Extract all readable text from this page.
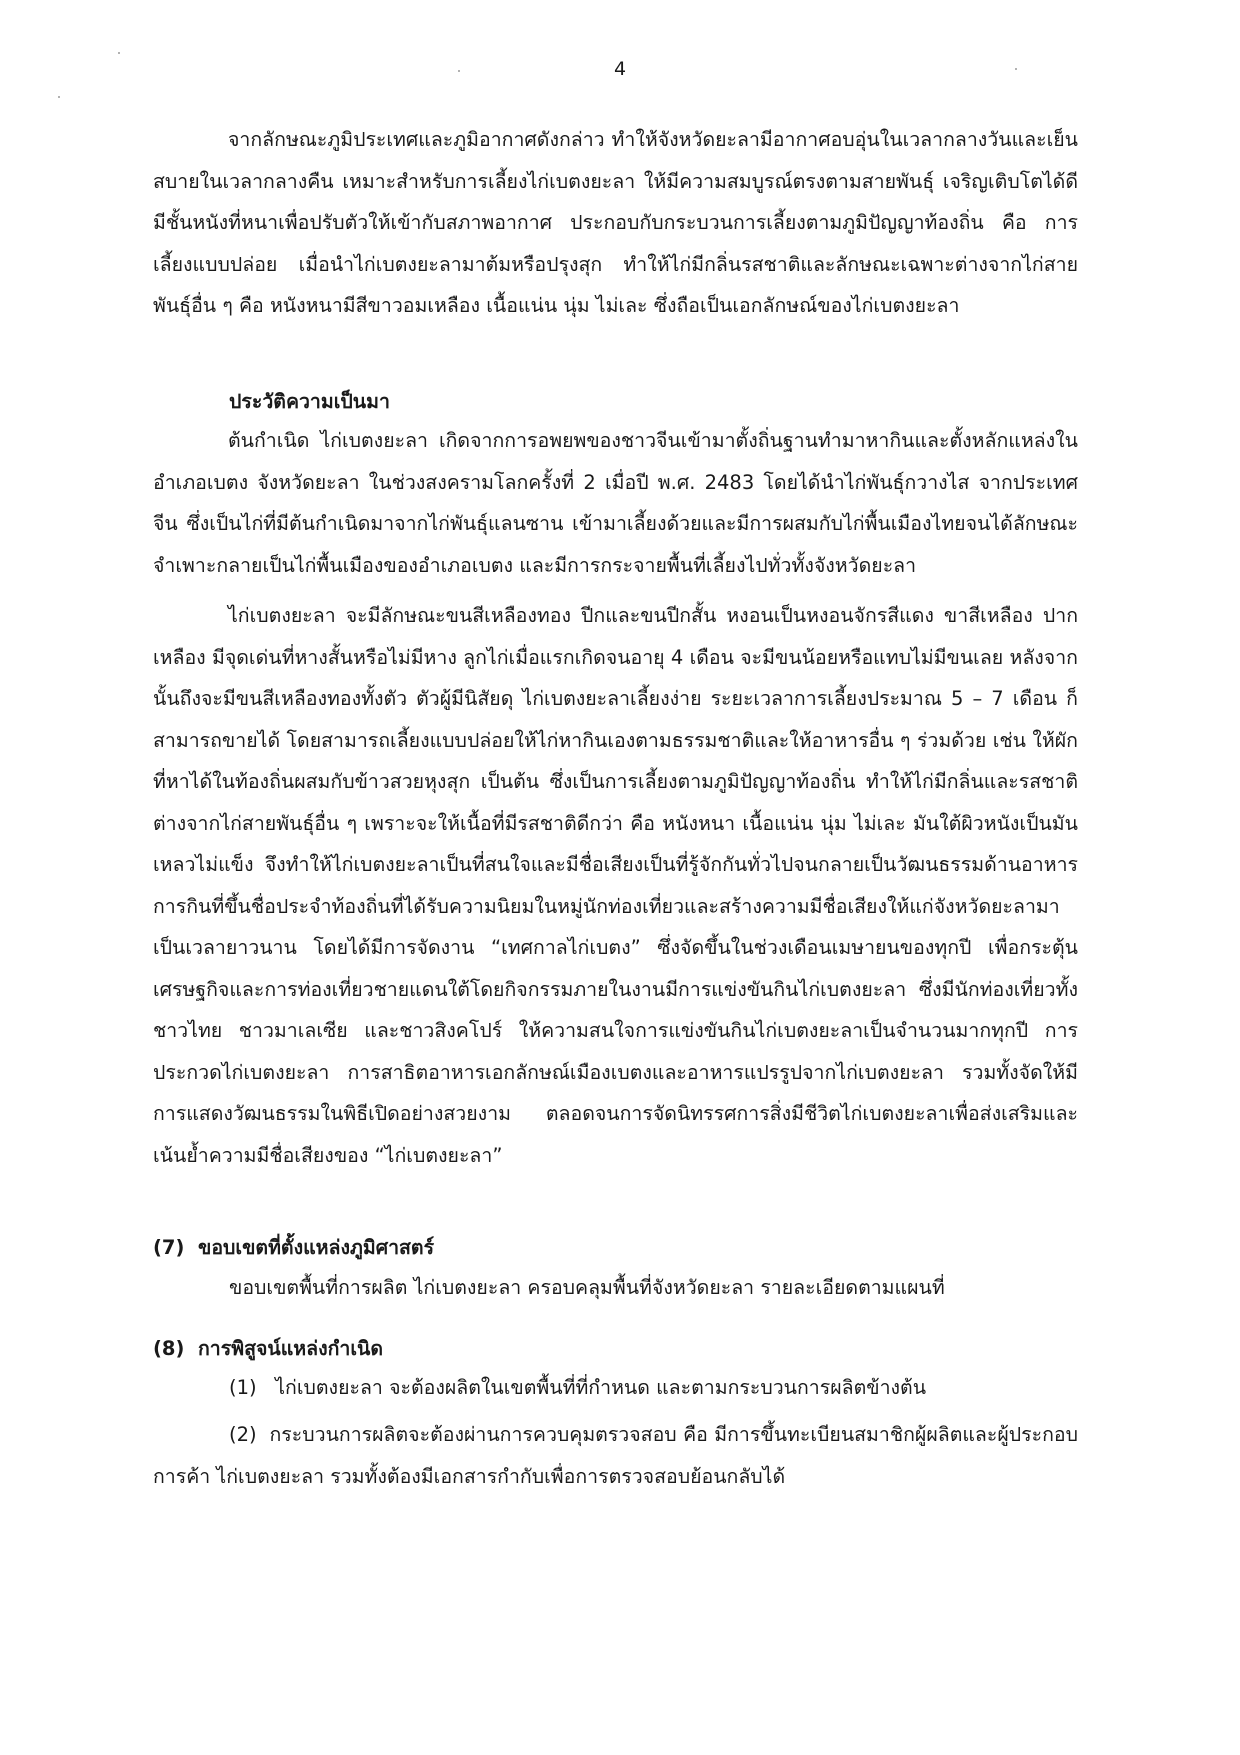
4

จากลักษณะภูมิประเทศและภูมิอากาศดังกล่าว ทำให้จังหวัดยะลามีอากาศอบอุ่นในเวลากลางวันและเย็นสบายในเวลากลางคืน เหมาะสำหรับการเลี้ยงไก่เบตงยะลา ให้มีความสมบูรณ์ตรงตามสายพันธุ์ เจริญเติบโตได้ดี มีชั้นหนังที่หนาเพื่อปรับตัวให้เข้ากับสภาพอากาศ ประกอบกับกระบวนการเลี้ยงตามภูมิปัญญาท้องถิ่น คือ การเลี้ยงแบบปล่อย เมื่อนำไก่เบตงยะลามาต้มหรือปรุงสุก ทำให้ไก่มีกลิ่นรสชาติและลักษณะเฉพาะต่างจากไก่สายพันธุ์อื่น ๆ คือ หนังหนามีสีขาวอมเหลือง เนื้อแน่น นุ่ม ไม่เละ ซึ่งถือเป็นเอกลักษณ์ของไก่เบตงยะลา

ประวัติความเป็นมา

ต้นกำเนิด ไก่เบตงยะลา เกิดจากการอพยพของชาวจีนเข้ามาตั้งถิ่นฐานทำมาหากินและตั้งหลักแหล่งในอำเภอเบตง จังหวัดยะลา ในช่วงสงครามโลกครั้งที่ 2 เมื่อปี พ.ศ. 2483 โดยได้นำไก่พันธุ์กวางไส จากประเทศจีน ซึ่งเป็นไก่ที่มีต้นกำเนิดมาจากไก่พันธุ์แลนซาน เข้ามาเลี้ยงด้วยและมีการผสมกับไก่พื้นเมืองไทยจนได้ลักษณะจำเพาะกลายเป็นไก่พื้นเมืองของอำเภอเบตง และมีการกระจายพื้นที่เลี้ยงไปทั่วทั้งจังหวัดยะลา

ไก่เบตงยะลา จะมีลักษณะขนสีเหลืองทอง ปีกและขนปีกสั้น หงอนเป็นหงอนจักรสีแดง ขาสีเหลือง ปากเหลือง มีจุดเด่นที่หางสั้นหรือไม่มีหาง ลูกไก่เมื่อแรกเกิดจนอายุ 4 เดือน จะมีขนน้อยหรือแทบไม่มีขนเลย หลังจากนั้นถึงจะมีขนสีเหลืองทองทั้งตัว ตัวผู้มีนิสัยดุ ไก่เบตงยะลาเลี้ยงง่าย ระยะเวลาการเลี้ยงประมาณ 5 – 7 เดือน ก็สามารถขายได้ โดยสามารถเลี้ยงแบบปล่อยให้ไก่หากินเองตามธรรมชาติและให้อาหารอื่น ๆ ร่วมด้วย เช่น ให้ผักที่หาได้ในท้องถิ่นผสมกับข้าวสวยหุงสุก เป็นต้น ซึ่งเป็นการเลี้ยงตามภูมิปัญญาท้องถิ่น ทำให้ไก่มีกลิ่นและรสชาติต่างจากไก่สายพันธุ์อื่น ๆ เพราะจะให้เนื้อที่มีรสชาติดีกว่า คือ หนังหนา เนื้อแน่น นุ่ม ไม่เละ มันใต้ผิวหนังเป็นมันเหลวไม่แข็ง จึงทำให้ไก่เบตงยะลาเป็นที่สนใจและมีชื่อเสียงเป็นที่รู้จักกันทั่วไปจนกลายเป็นวัฒนธรรมด้านอาหารการกินที่ขึ้นชื่อประจำท้องถิ่นที่ได้รับความนิยมในหมู่นักท่องเที่ยวและสร้างความมีชื่อเสียงให้แก่จังหวัดยะลามาเป็นเวลายาวนาน โดยได้มีการจัดงาน “เทศกาลไก่เบตง” ซึ่งจัดขึ้นในช่วงเดือนเมษายนของทุกปี เพื่อกระตุ้นเศรษฐกิจและการท่องเที่ยวชายแดนใต้โดยกิจกรรมภายในงานมีการแข่งขันกินไก่เบตงยะลา ซึ่งมีนักท่องเที่ยวทั้งชาวไทย ชาวมาเลเซีย และชาวสิงคโปร์ ให้ความสนใจการแข่งขันกินไก่เบตงยะลาเป็นจำนวนมากทุกปี การประกวดไก่เบตงยะลา การสาธิตอาหารเอกลักษณ์เมืองเบตงและอาหารแปรรูปจากไก่เบตงยะลา รวมทั้งจัดให้มีการแสดงวัฒนธรรมในพิธีเปิดอย่างสวยงาม ตลอดจนการจัดนิทรรศการสิ่งมีชีวิตไก่เบตงยะลาเพื่อส่งเสริมและเน้นย้ำความมีชื่อเสียงของ “ไก่เบตงยะลา”

(7) ขอบเขตที่ตั้งแหล่งภูมิศาสตร์

ขอบเขตพื้นที่การผลิต ไก่เบตงยะลา ครอบคลุมพื้นที่จังหวัดยะลา รายละเอียดตามแผนที่

(8) การพิสูจน์แหล่งกำเนิด

(1) ไก่เบตงยะลา จะต้องผลิตในเขตพื้นที่ที่กำหนด และตามกระบวนการผลิตข้างต้น

(2) กระบวนการผลิตจะต้องผ่านการควบคุมตรวจสอบ คือ มีการขึ้นทะเบียนสมาชิกผู้ผลิตและผู้ประกอบการค้า ไก่เบตงยะลา รวมทั้งต้องมีเอกสารกำกับเพื่อการตรวจสอบย้อนกลับได้
